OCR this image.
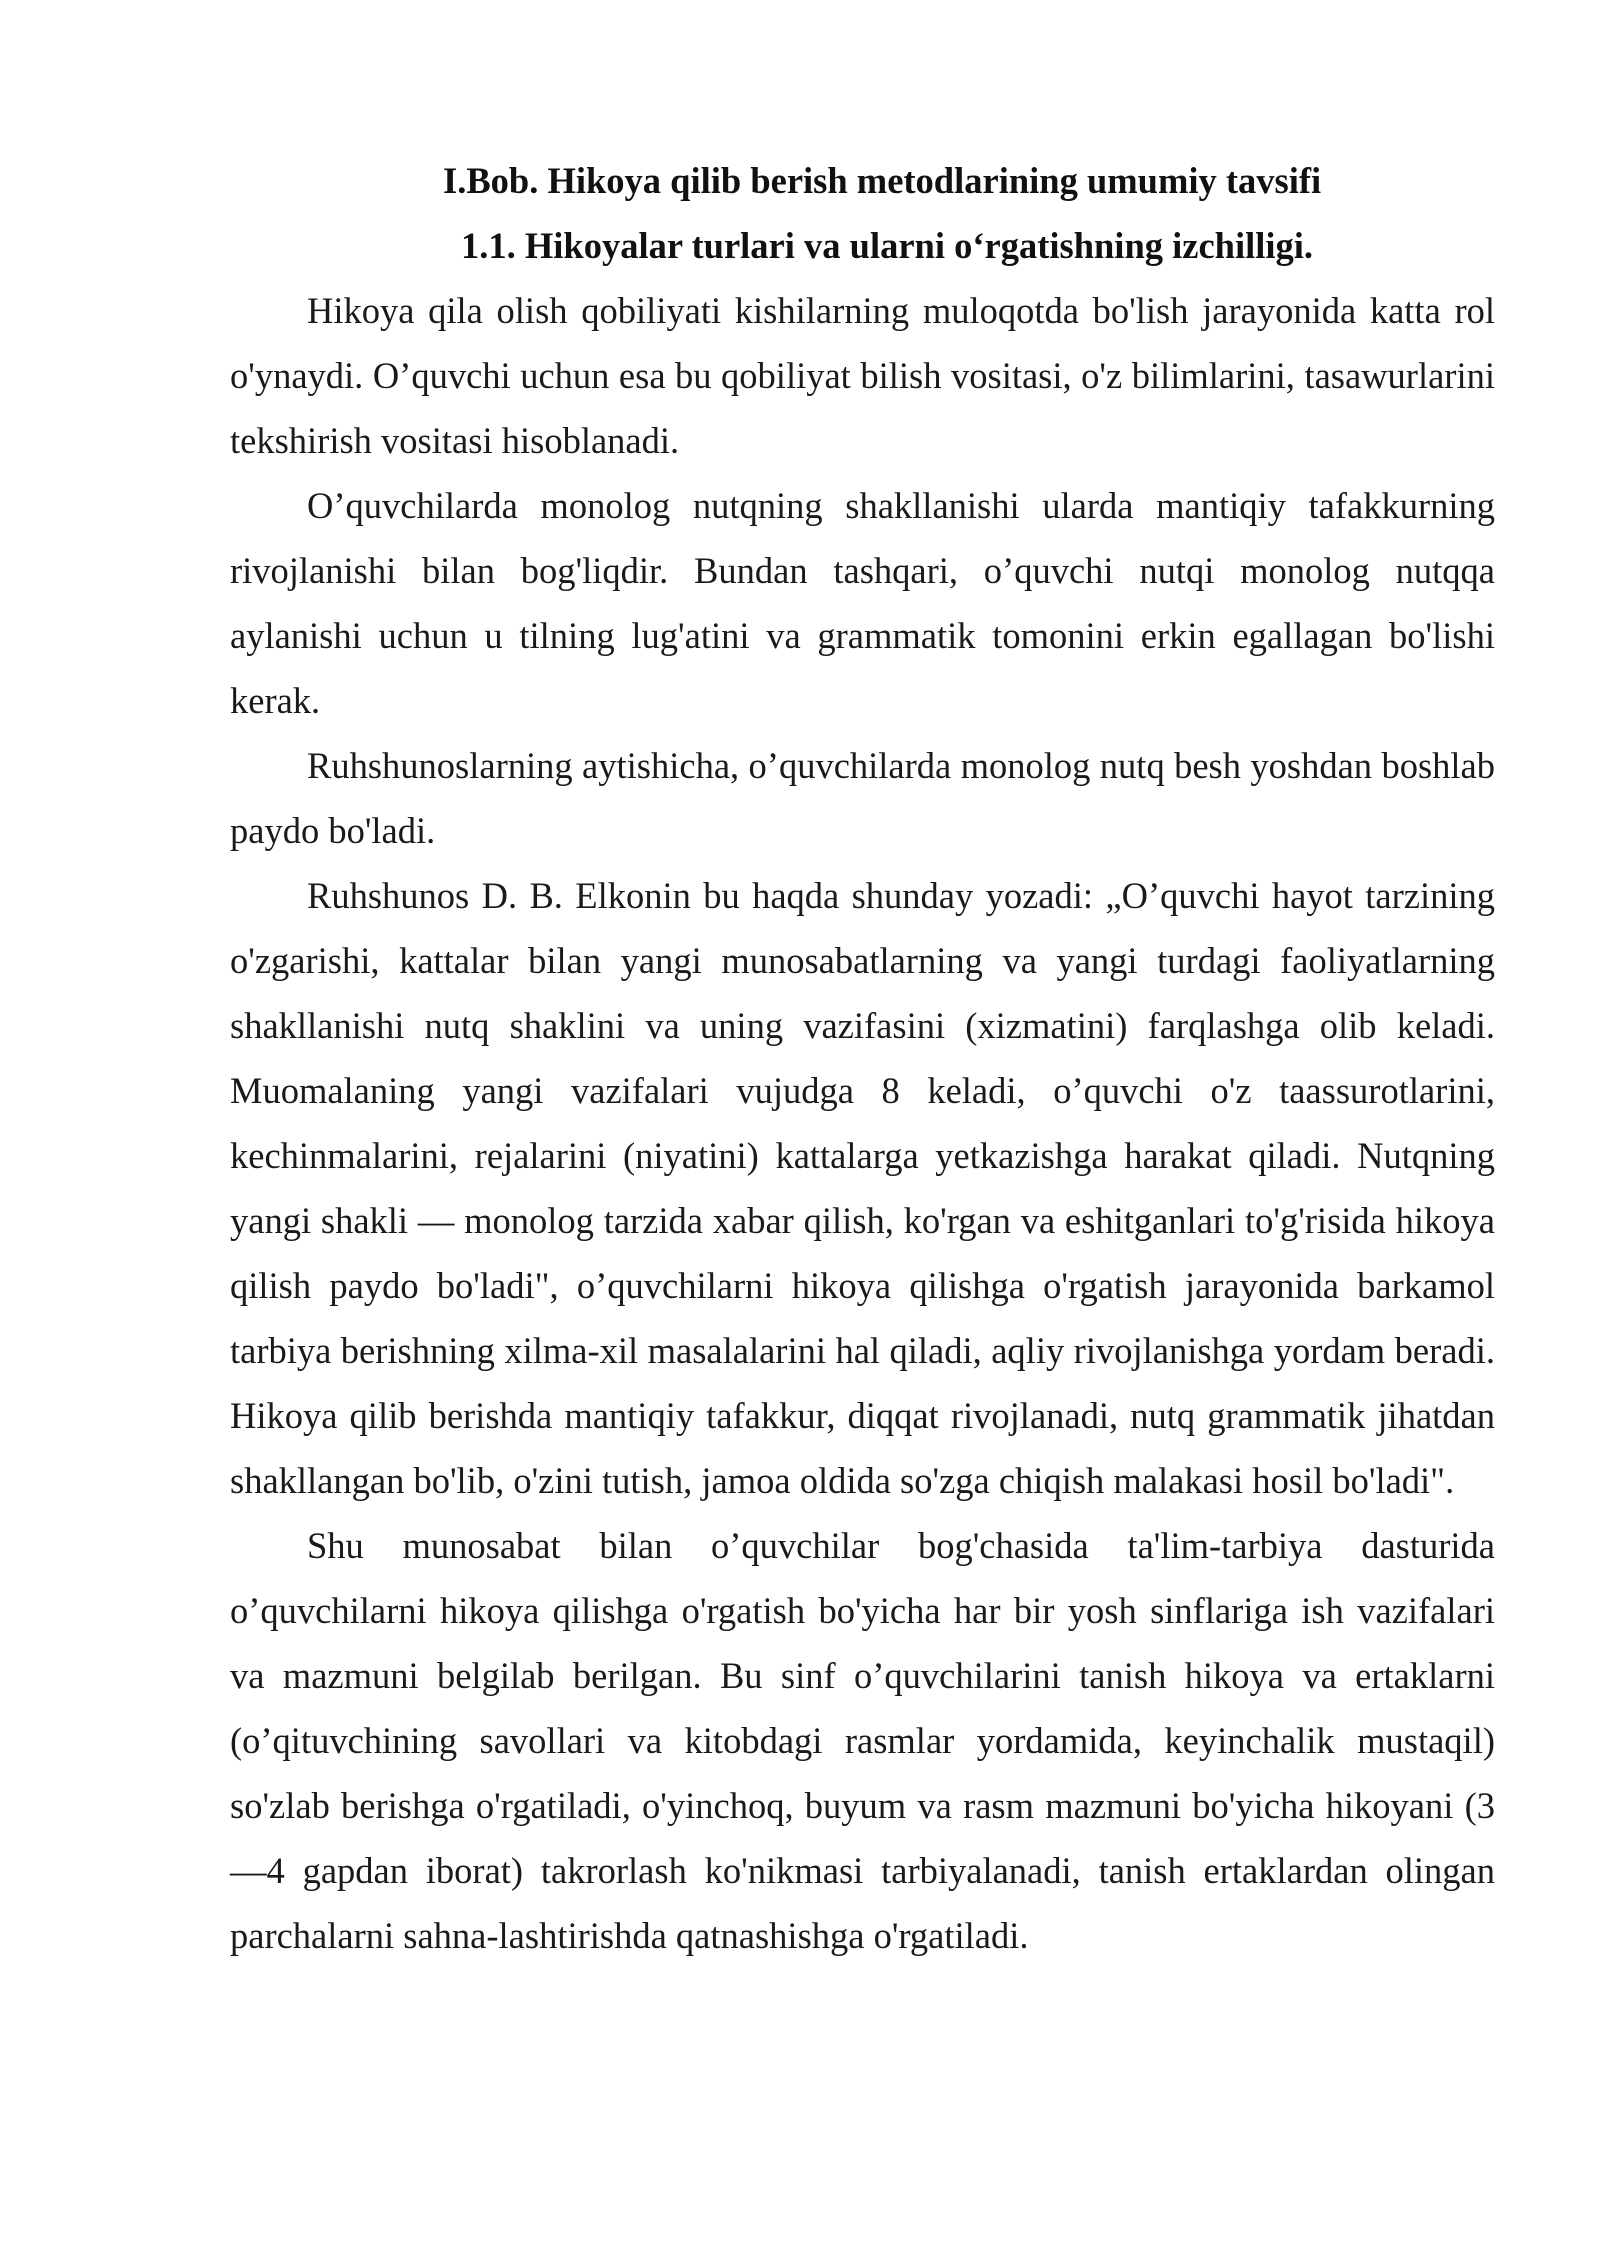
I.Bob. Hikoya qilib berish metodlarining umumiy tavsifi
1.1. Hikoyalar turlari va ularni o‘rgatishning izchilligi.

Hikoya qila olish qobiliyati kishilarning muloqotda bo'lish jarayonida katta rol o'ynaydi. O’quvchi uchun esa bu qobiliyat bilish vositasi, o'z bilimlarini, tasawurlarini tekshirish vositasi hisoblanadi.

O’quvchilarda monolog nutqning shakllanishi ularda mantiqiy tafakkurning rivojlanishi bilan bog'liqdir. Bundan tashqari, o’quvchi nutqi monolog nutqqa aylanishi uchun u tilning lug'atini va grammatik tomonini erkin egallagan bo'lishi kerak.

Ruhshunoslarning aytishicha, o’quvchilarda monolog nutq besh yoshdan boshlab paydo bo'ladi.

Ruhshunos D. B. Elkonin bu haqda shunday yozadi: „O’quvchi hayot tarzining o'zgarishi, kattalar bilan yangi munosabatlarning va yangi turdagi faoliyatlarning shakllanishi nutq shaklini va uning vazifasini (xizmatini) farqlashga olib keladi. Muomalaning yangi vazifalari vujudga 8 keladi, o’quvchi o'z taassurotlarini, kechinmalarini, rejalarini (niyatini) kattalarga yetkazishga harakat qiladi. Nutqning yangi shakli — monolog tarzida xabar qilish, ko'rgan va eshitganlari to'g'risida hikoya qilish paydo bo'ladi", o’quvchilarni hikoya qilishga o'rgatish jarayonida barkamol tarbiya berishning xilma-xil masalalarini hal qiladi, aqliy rivojlanishga yordam beradi. Hikoya qilib berishda mantiqiy tafakkur, diqqat rivojlanadi, nutq grammatik jihatdan shakllangan bo'lib, o'zini tutish, jamoa oldida so'zga chiqish malakasi hosil bo'ladi".

Shu munosabat bilan o’quvchilar bog'chasida ta'lim-tarbiya dasturida o’quvchilarni hikoya qilishga o'rgatish bo'yicha har bir yosh sinflariga ish vazifalari va mazmuni belgilab berilgan. Bu sinf o’quvchilarini tanish hikoya va ertaklarni (o’qituvchining savollari va kitobdagi rasmlar yordamida, keyinchalik mustaqil) so'zlab berishga o'rgatiladi, o'yinchoq, buyum va rasm mazmuni bo'yicha hikoyani (3—4 gapdan iborat) takrorlash ko'nikmasi tarbiyalanadi, tanish ertaklardan olingan parchalarni sahna-lashtirishda qatnashishga o'rgatiladi.
